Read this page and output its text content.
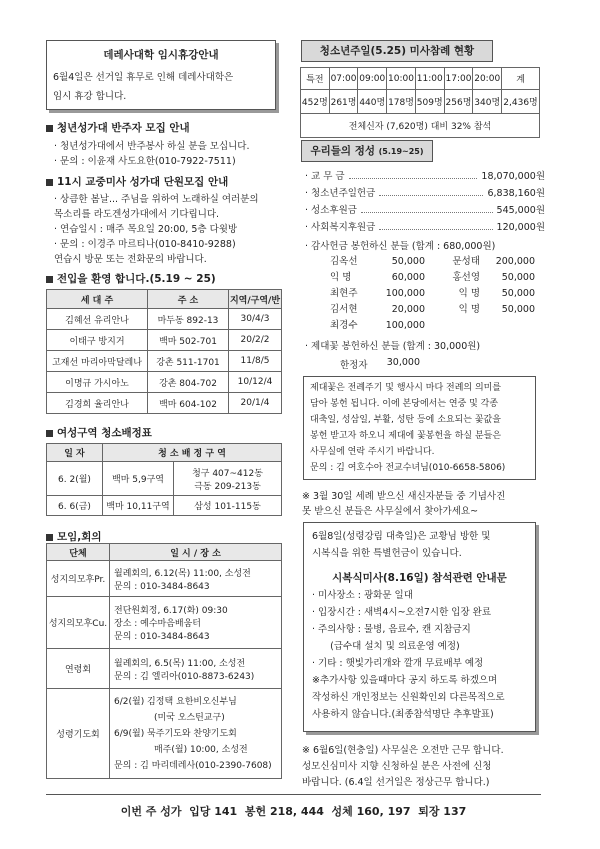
데레사대학 임시휴강안내
6월4일은 선거일 휴무로 인해 데레사대학은
임시 휴강 합니다.
청년성가대 반주자 모집 안내
· 청년성가대에서 반주봉사 하실 분을 모십니다.
· 문의 : 이윤재 사도요한(010-7922-7511)
11시 교중미사 성가대 단원모집 안내
· 상큼한 봄날... 주님을 위하여 노래하실 여러분의
목소리를 라도겐성가대에서 기다립니다.
· 연습일시 : 매주 목요일 20:00, 5층 다윗방
· 문의 : 이경주 마르티나(010-8410-9288)
연습시 방문 또는 전화문의 바랍니다.
전입을 환영 합니다.(5.19 ~ 25)
세 대 주	주 소	지역/구역/반
김혜선 유리안나	마두동 892-13	30/4/3
이태구 방지거	백마 502-701	20/2/2
고재선 마리아막달레나	강촌 511-1701	11/8/5
이명규 가시아노	강촌 804-702	10/12/4
김경희 율리안나	백마 604-102	20/1/4
여성구역 청소배정표
일 자	청 소 배 정 구 역	
6. 2(월)	백마 5,9구역	청구 407~412동
극동 209-213동

6. 6(금)	백마 10,11구역	삼성 101-115동
모임,회의
단체	일 시 / 장 소
성지의모후Pr.	월례회의, 6.12(목) 11:00, 소성전
문의 : 010-3484-8643

성지의모후Cu.	전단원회정, 6.17(화) 09:30
장소 : 예수마음배움터
문의 : 010-3484-8643

연령회	월례회의, 6.5(목) 11:00, 소성전
문의 : 김 엘리아(010-8873-6243)

성령기도회	6/2(월) 김정택 요한비오신부님
(미국 오스틴교구)
6/9(월) 묵주기도와 찬양기도회
매주(월) 10:00, 소성전
문의 : 김 마리데레사(010-2390-7608)
청소년주일(5.25) 미사참례 현황
특전	07:00	09:00	10:00	11:00	17:00	20:00	계
452명	261명	440명	178명	509명	256명	340명	2,436명
전체신자 (7,620명) 대비 32% 참석							
우리들의 정성 (5.19~25)
· 교 무 금	18,070,000원
· 청소년주일헌금	6,838,160원
· 성소후원금	545,000원
· 사회복지후원금	120,000원
· 감사헌금 봉헌하신 분들 (합계 : 680,000원)
김옥선	50,000	문성태	200,000
익 명	60,000	홍선영	50,000
최현주	100,000	익 명	50,000
김서현	20,000	익 명	50,000
최경수	100,000
· 제대꽃 봉헌하신 분들 (합계 : 30,000원)
한정자 30,000
제대꽃은 전례주기 및 행사시 마다 전례의 의미를
담아 봉헌 됩니다. 이에 본당에서는 연중 및 각종
대축일, 성삼일, 부활, 성탄 등에 소요되는 꽃값을
봉헌 받고자 하오니 제대에 꽃봉헌을 하실 분들은
사무실에 연락 주시기 바랍니다.
문의 : 김 여호수아 전교수녀님(010-6658-5806)
※ 3월 30일 세례 받으신 새신자분들 중 기념사진
못 받으신 분들은 사무실에서 찾아가세요~
6월8일(성령강림 대축일)은 교황님 방한 및
시복식을 위한 특별헌금이 있습니다.
시복식미사(8.16일) 참석관련 안내문
· 미사장소 : 광화문 일대
· 입장시간 : 새벽4시~오전7시한 입장 완료
· 주의사항 : 물병, 음료수, 캔 지참금지
(급수대 설치 및 의료운영 예정)
· 기타 : 햇빛가리개와 깔개 무료배부 예정
※추가사항 있을때마다 공지 하도록 하겠으며
작성하신 개인정보는 신원확인외 다른목적으로
사용하지 않습니다.(최종참석명단 추후발표)
※ 6월6일(현충일) 사무실은 오전만 근무 합니다.
성모신심미사 지향 신청하실 분은 사전에 신청
바랍니다. (6.4일 선거일은 정상근무 합니다.)
이번 주 성가  입당 141  봉헌 218, 444  성체 160, 197  퇴장 137
